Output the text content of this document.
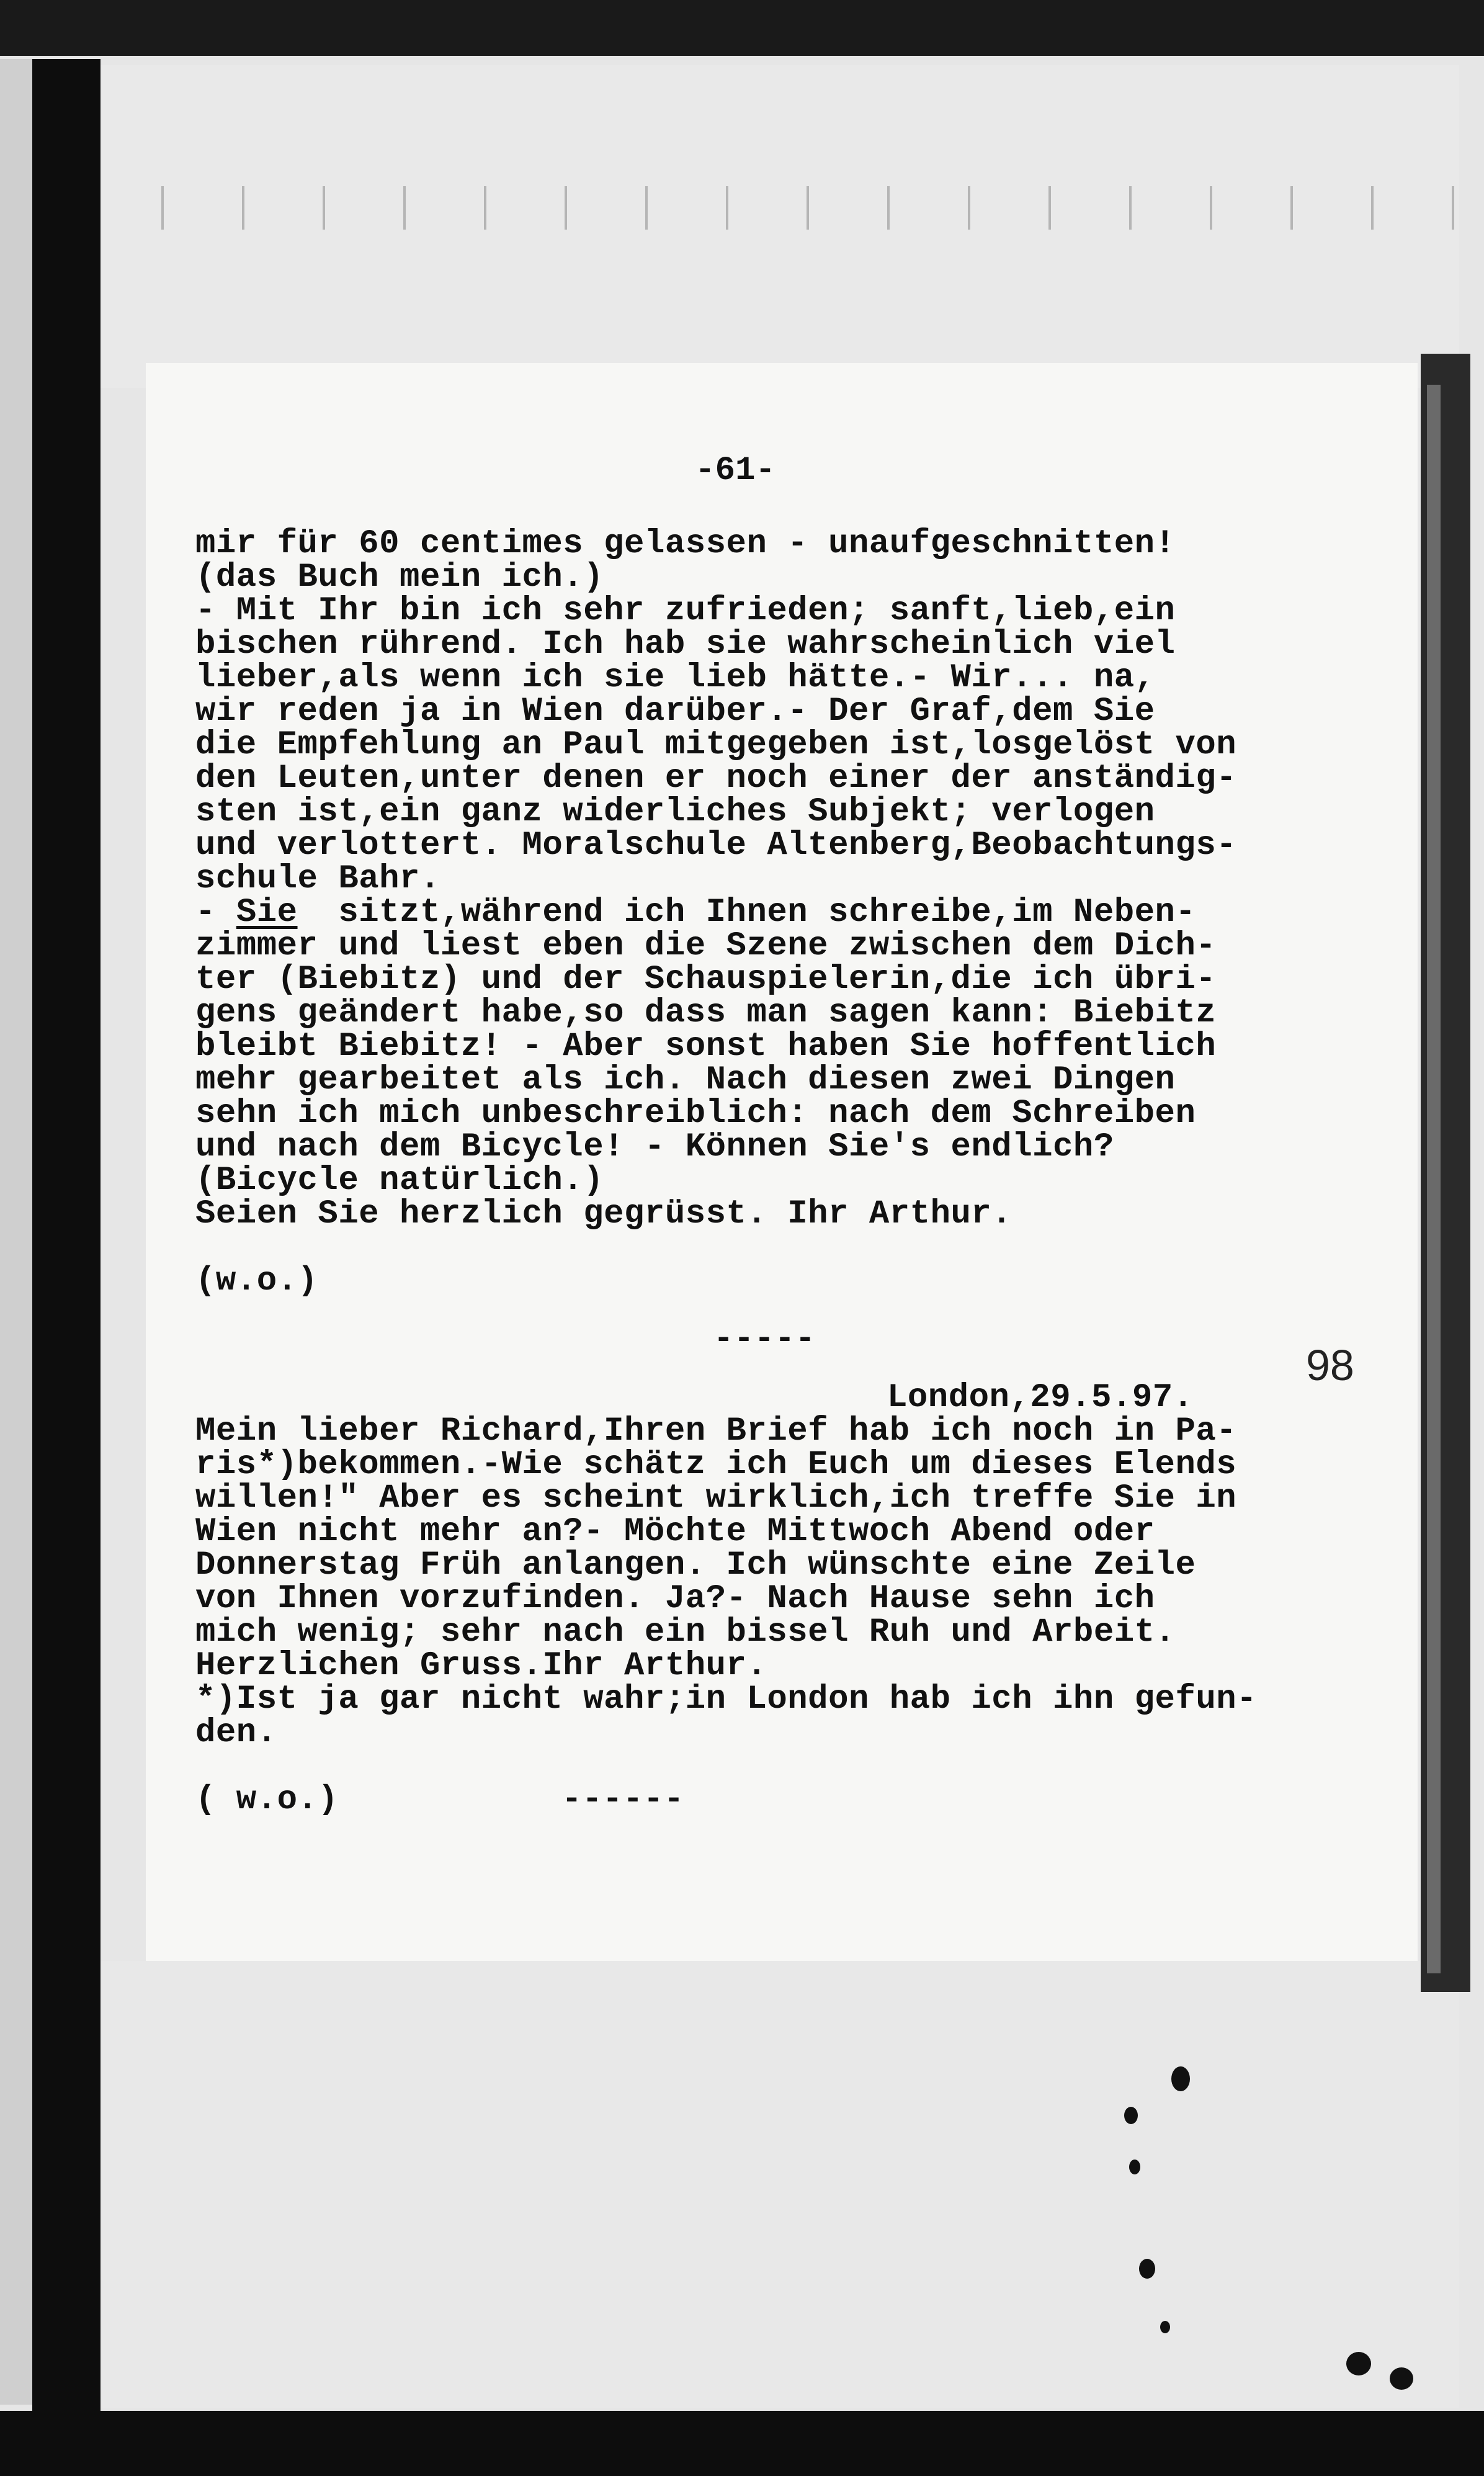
-61-
mir für 60 centimes gelassen - unaufgeschnitten!
(das Buch mein ich.)
- Mit Ihr bin ich sehr zufrieden; sanft,lieb,ein
bischen rührend. Ich hab sie wahrscheinlich viel
lieber,als wenn ich sie lieb hätte.- Wir... na,
wir reden ja in Wien darüber.- Der Graf,dem Sie
die Empfehlung an Paul mitgegeben ist,losgelöst von
den Leuten,unter denen er noch einer der anständig-
sten ist,ein ganz widerliches Subjekt; verlogen
und verlottert. Moralschule Altenberg,Beobachtungs-
schule Bahr.
- Sie  sitzt,während ich Ihnen schreibe,im Neben-
zimmer und liest eben die Szene zwischen dem Dich-
ter (Biebitz) und der Schauspielerin,die ich übri-
gens geändert habe,so dass man sagen kann: Biebitz
bleibt Biebitz! - Aber sonst haben Sie hoffentlich
mehr gearbeitet als ich. Nach diesen zwei Dingen
sehn ich mich unbeschreiblich: nach dem Schreiben
und nach dem Bicycle! - Können Sie's endlich?
(Bicycle natürlich.)
Seien Sie herzlich gegrüsst. Ihr Arthur.
(w.o.)
-----
London,29.5.97.
Mein lieber Richard,Ihren Brief hab ich noch in Pa-
ris*)bekommen.-Wie schätz ich Euch um dieses Elends
willen!" Aber es scheint wirklich,ich treffe Sie in
Wien nicht mehr an?- Möchte Mittwoch Abend oder
Donnerstag Früh anlangen. Ich wünschte eine Zeile
von Ihnen vorzufinden. Ja?- Nach Hause sehn ich
mich wenig; sehr nach ein bissel Ruh und Arbeit.
Herzlichen Gruss.Ihr Arthur.
*)Ist ja gar nicht wahr;in London hab ich ihn gefun-
den.
( w.o.)	------
98
